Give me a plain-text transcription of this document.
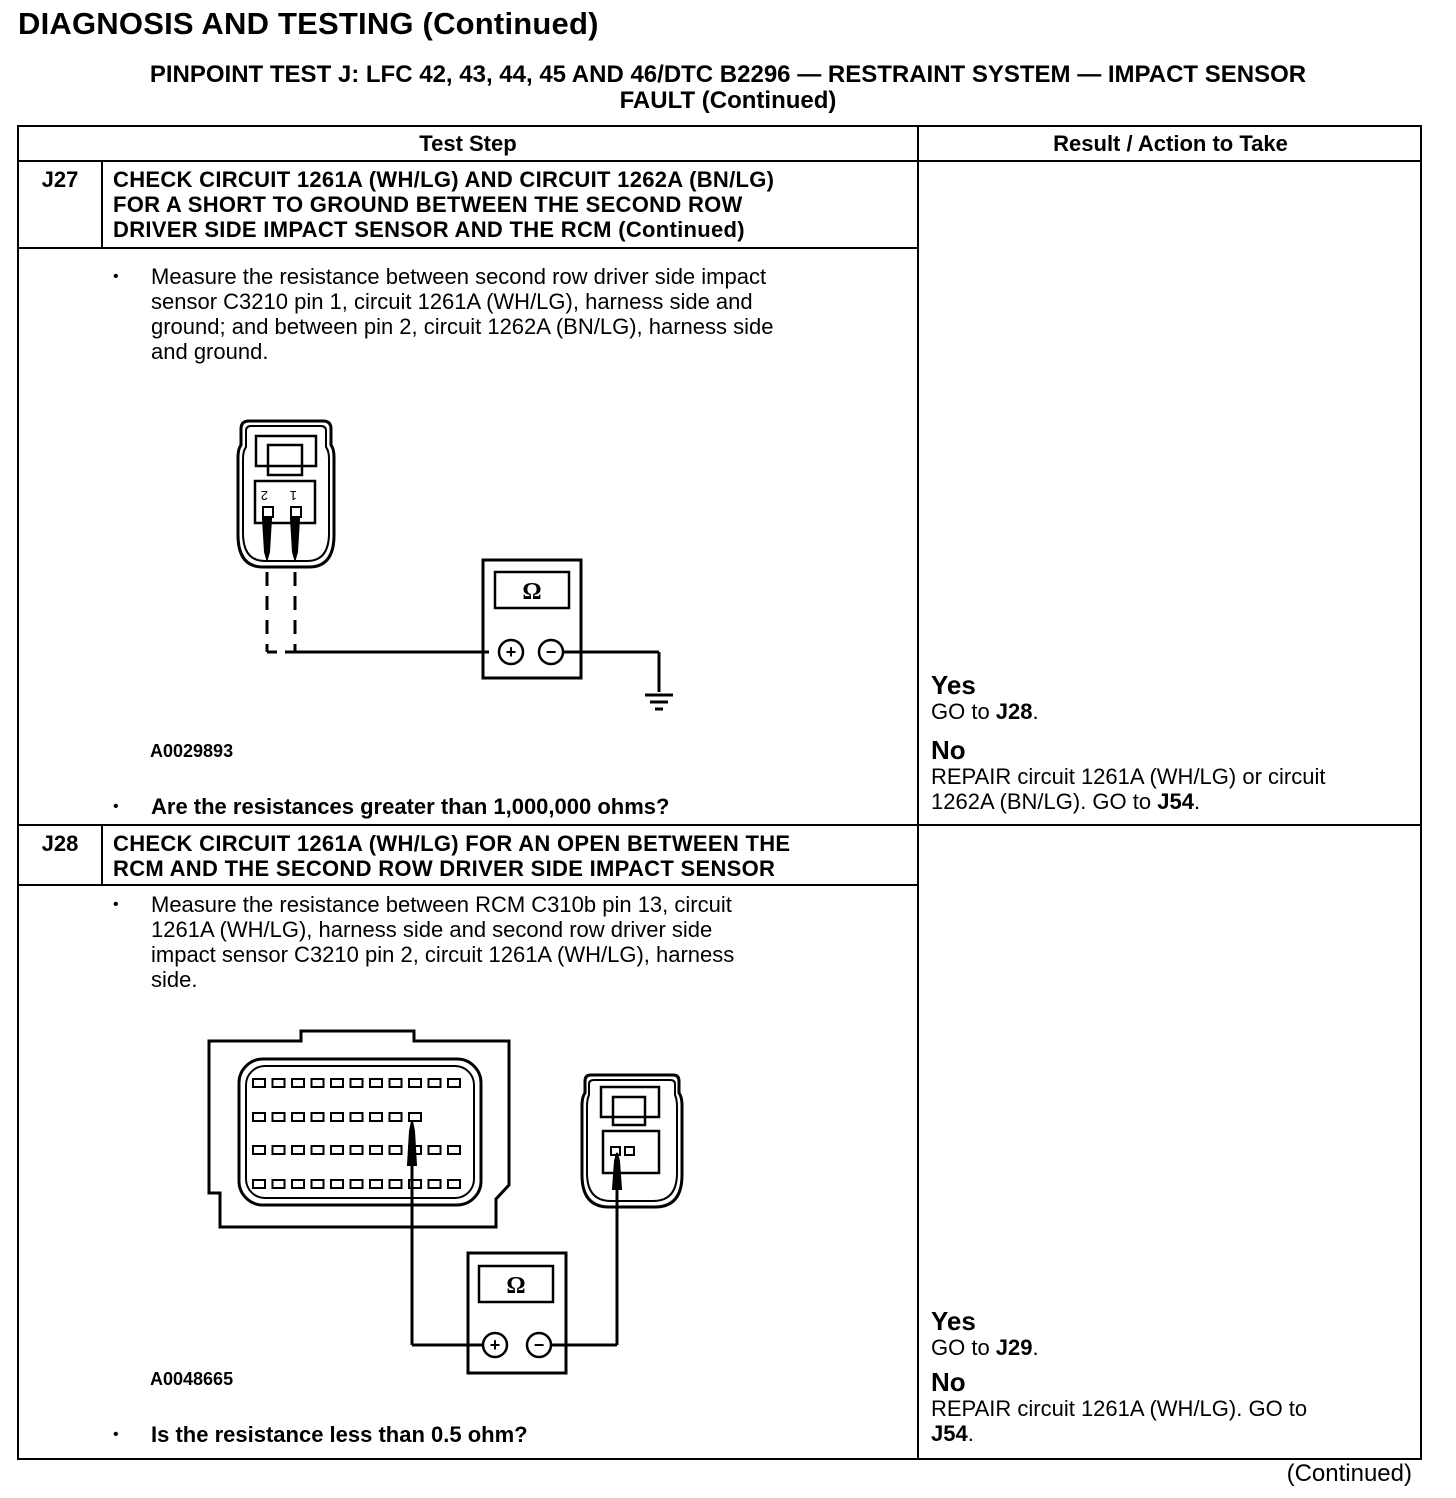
DIAGNOSIS AND TESTING (Continued)
PINPOINT TEST J: LFC 42, 43, 44, 45 AND 46/DTC B2296 — RESTRAINT SYSTEM — IMPACT SENSOR
FAULT (Continued)
Test Step	Result / Action to Take
J27	CHECK CIRCUIT 1261A (WH/LG) AND CIRCUIT 1262A (BN/LG)
FOR A SHORT TO GROUND BETWEEN THE SECOND ROW
DRIVER SIDE IMPACT SENSOR AND THE RCM (Continued)
• Measure the resistance between second row driver side impact
sensor C3210 pin 1, circuit 1261A (WH/LG), harness side and
ground; and between pin 2, circuit 1262A (BN/LG), harness side
and ground.
2 1
Ω
+ −
A0029893
• Are the resistances greater than 1,000,000 ohms?
Yes
GO to J28.
No
REPAIR circuit 1261A (WH/LG) or circuit
1262A (BN/LG). GO to J54.
J28	CHECK CIRCUIT 1261A (WH/LG) FOR AN OPEN BETWEEN THE
RCM AND THE SECOND ROW DRIVER SIDE IMPACT SENSOR
• Measure the resistance between RCM C310b pin 13, circuit
1261A (WH/LG), harness side and second row driver side
impact sensor C3210 pin 2, circuit 1261A (WH/LG), harness
side.
Ω
+ −
A0048665
• Is the resistance less than 0.5 ohm?
Yes
GO to J29.
No
REPAIR circuit 1261A (WH/LG). GO to
J54.
(Continued)
